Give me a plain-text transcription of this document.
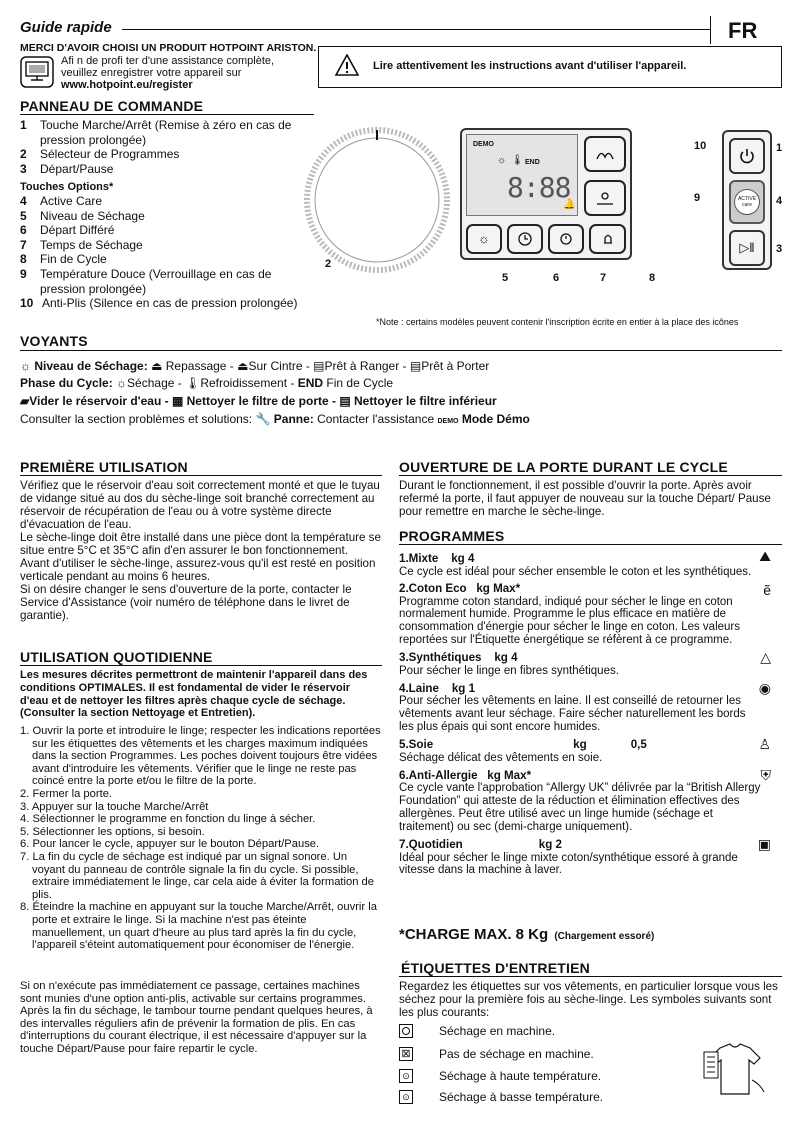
Guide rapide	FR
MERCI D'AVOIR CHOISI UN PRODUIT HOTPOINT ARISTON.
Afi n de profi ter d'une assistance complète,
veuillez enregistrer votre appareil sur
www.hotpoint.eu/register
Lire attentivement les instructions avant d'utiliser l'appareil.
PANNEAU DE COMMANDE
1	Touche Marche/Arrêt (Remise à zéro en cas de pression prolongée)
2	Sélecteur de Programmes
3	Départ/Pause
Touches Options*
4	Active Care
5	Niveau de Séchage
6	Départ Différé
7	Temps de Séchage
8	Fin de Cycle
9	Température Douce (Verrouillage en cas de pression prolongée)
10 Anti-Plis (Silence en cas de pression prolongée)
2
DEMO
END
8:88
☼ 🌡
🔔
☼
5	6	7	8
9
10
ACTIVE care
▷‖
1
4
3
*Note : certains modèles peuvent contenir l'inscription écrite en entier à la place des icônes
VOYANTS
☼ Niveau de Séchage: ⏏ Repassage - ⏏Sur Cintre - ▤Prêt à Ranger - ▤Prêt à Porter
Phase du Cycle: ☼Séchage - 🌡Refroidissement - END Fin de Cycle
▰Vider le réservoir d'eau - ▦ Nettoyer le filtre de porte - ▤ Nettoyer le filtre inférieur
Consulter la section problèmes et solutions: 🔧 Panne: Contacter l'assistance DEMO Mode Démo
PREMIÈRE UTILISATION
Vérifiez que le réservoir d'eau soit correctement monté et que le tuyau de vidange situé au dos du sèche-linge soit branché correctement au réservoir de récupération de l'eau ou à votre système directe d'évacuation de l'eau.
Le sèche-linge doit être installé dans une pièce dont la température se situe entre 5°C et 35°C afin d'en assurer le bon fonctionnement.
Avant d'utiliser le sèche-linge, assurez-vous qu'il est resté en position verticale pendant au moins 6 heures.
Si on désire changer le sens d'ouverture de la porte, contacter le Service d'Assistance (voir numéro de téléphone dans le livret de garantie).
UTILISATION QUOTIDIENNE
Les mesures décrites permettront de maintenir l'appareil dans des conditions OPTIMALES. Il est fondamental de vider le réservoir d'eau et de nettoyer les filtres après chaque cycle de séchage. (Consulter la section Nettoyage et Entretien).
1. Ouvrir la porte et introduire le linge; respecter les indications reportées sur les étiquettes des vêtements et les charges maximum indiquées dans la section Programmes. Les poches doivent toujours être vidées avant d'introduire les vêtements. Vérifier que le linge ne reste pas coincé entre la porte et/ou le filtre de la porte.
2. Fermer la porte.
3. Appuyer sur la touche Marche/Arrêt
4. Sélectionner le programme en fonction du linge à sécher.
5. Sélectionner les options, si besoin.
6. Pour lancer le cycle, appuyer sur le bouton Départ/Pause.
7. La fin du cycle de séchage est indiqué par un signal sonore. Un voyant du panneau de contrôle signale la fin du cycle. Si possible, extraire immédiatement le linge, car cela aide à éviter la formation de plis.
8. Éteindre la machine en appuyant sur la touche Marche/Arrêt, ouvrir la porte et extraire le linge. Si la machine n'est pas éteinte manuellement, un quart d'heure au plus tard après la fin du cycle, l'appareil s'éteint automatiquement pour économiser de l'énergie.
Si on n'exécute pas immédiatement ce passage, certaines machines sont munies d'une option anti-plis, activable sur certains programmes. Après la fin du séchage, le tambour tourne pendant quelques heures, à des intervalles réguliers afin de prévenir la formation de plis. En cas d'interruptions du courant électrique, il est nécessaire d'appuyer sur la touche Départ/Pause pour faire repartir le cycle.
OUVERTURE DE LA PORTE DURANT LE CYCLE
Durant le fonctionnement, il est possible d'ouvrir la porte. Après avoir refermé la porte, il faut appuyer de nouveau sur la touche Départ/ Pause pour remettre en marche le sèche-linge.
PROGRAMMES
1.Mixte kg 4
Ce cycle est idéal pour sécher ensemble le coton et les synthétiques.
⛰
2.Coton Eco kg Max*
Programme coton standard, indiqué pour sécher le linge en coton normalement humide. Programme le plus efficace en matière de consommation d'énergie pour sécher le linge en coton. Les valeurs reportées sur l'Étiquette énergétique se réfèrent à ce programme.
ẽ
3.Synthétiques kg 4
Pour sécher le linge en fibres synthétiques.
△
4.Laine kg 1
Pour sécher les vêtements en laine. Il est conseillé de retourner les vêtements avant leur séchage. Faire sécher naturellement les bords les plus épais qui sont encore humides.
◉
5.Soie	kg	0,5
Séchage délicat des vêtements en soie.
♙
6.Anti-Allergie kg Max*
Ce cycle vante l'approbation “Allergy UK” délivrée par la “British Allergy Foundation” qui atteste de la réduction et élimination effectives des allergènes. Peut être utilisé avec un linge humide (séchage et traitement) ou sec (demi-charge uniquement).
⛨
7.Quotidien	kg 2
Idéal pour sécher le linge mixte coton/synthétique essoré à grande vitesse dans la machine à laver.
▣
*CHARGE MAX. 8 Kg (Chargement essoré)
ÉTIQUETTES D'ENTRETIEN
Regardez les étiquettes sur vos vêtements, en particulier lorsque vous les séchez pour la première fois au sèche-linge. Les symboles suivants sont les plus courants:
Séchage en machine.
⊠ Pas de séchage en machine.
⊙ Séchage à haute température.
⊙ Séchage à basse température.
